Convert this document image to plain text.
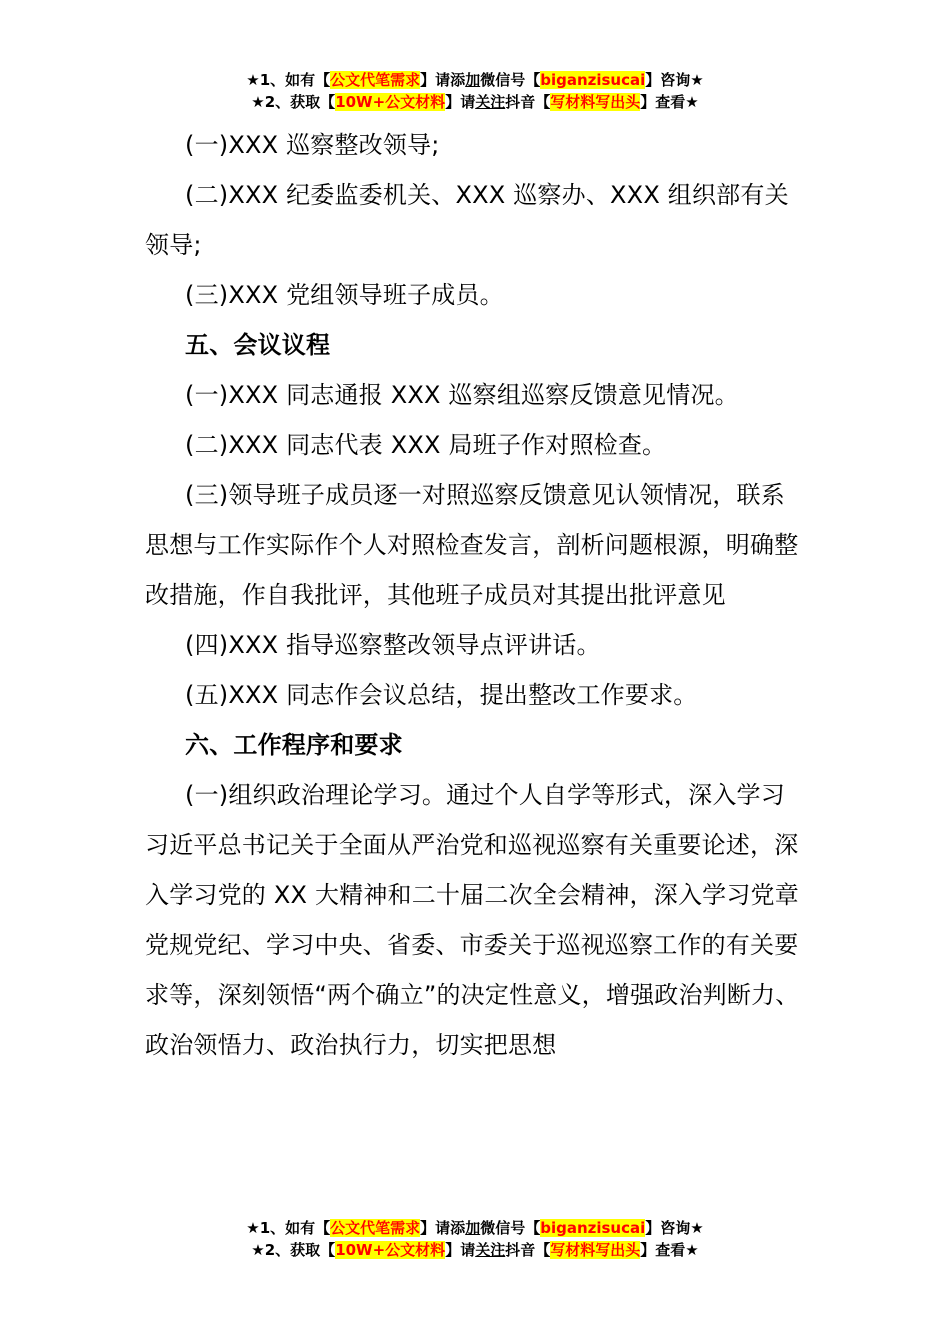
★1、如有【公文代笔需求】请添加微信号【biganzisucai】咨询★
★2、获取【10W+公文材料】请关注抖音【写材料写出头】查看★

(一)XXX 巡察整改领导;

(二)XXX 纪委监委机关、XXX 巡察办、XXX 组织部有关领导;

(三)XXX 党组领导班子成员。

五、会议议程

(一)XXX 同志通报 XXX 巡察组巡察反馈意见情况。

(二)XXX 同志代表 XXX 局班子作对照检查。

(三)领导班子成员逐一对照巡察反馈意见认领情况，联系思想与工作实际作个人对照检查发言，剖析问题根源，明确整改措施，作自我批评，其他班子成员对其提出批评意见

(四)XXX 指导巡察整改领导点评讲话。

(五)XXX 同志作会议总结，提出整改工作要求。

六、工作程序和要求

(一)组织政治理论学习。通过个人自学等形式，深入学习习近平总书记关于全面从严治党和巡视巡察有关重要论述，深入学习党的 XX 大精神和二十届二次全会精神，深入学习党章党规党纪、学习中央、省委、市委关于巡视巡察工作的有关要求等，深刻领悟“两个确立”的决定性意义，增强政治判断力、政治领悟力、政治执行力，切实把思想

★1、如有【公文代笔需求】请添加微信号【biganzisucai】咨询★
★2、获取【10W+公文材料】请关注抖音【写材料写出头】查看★
